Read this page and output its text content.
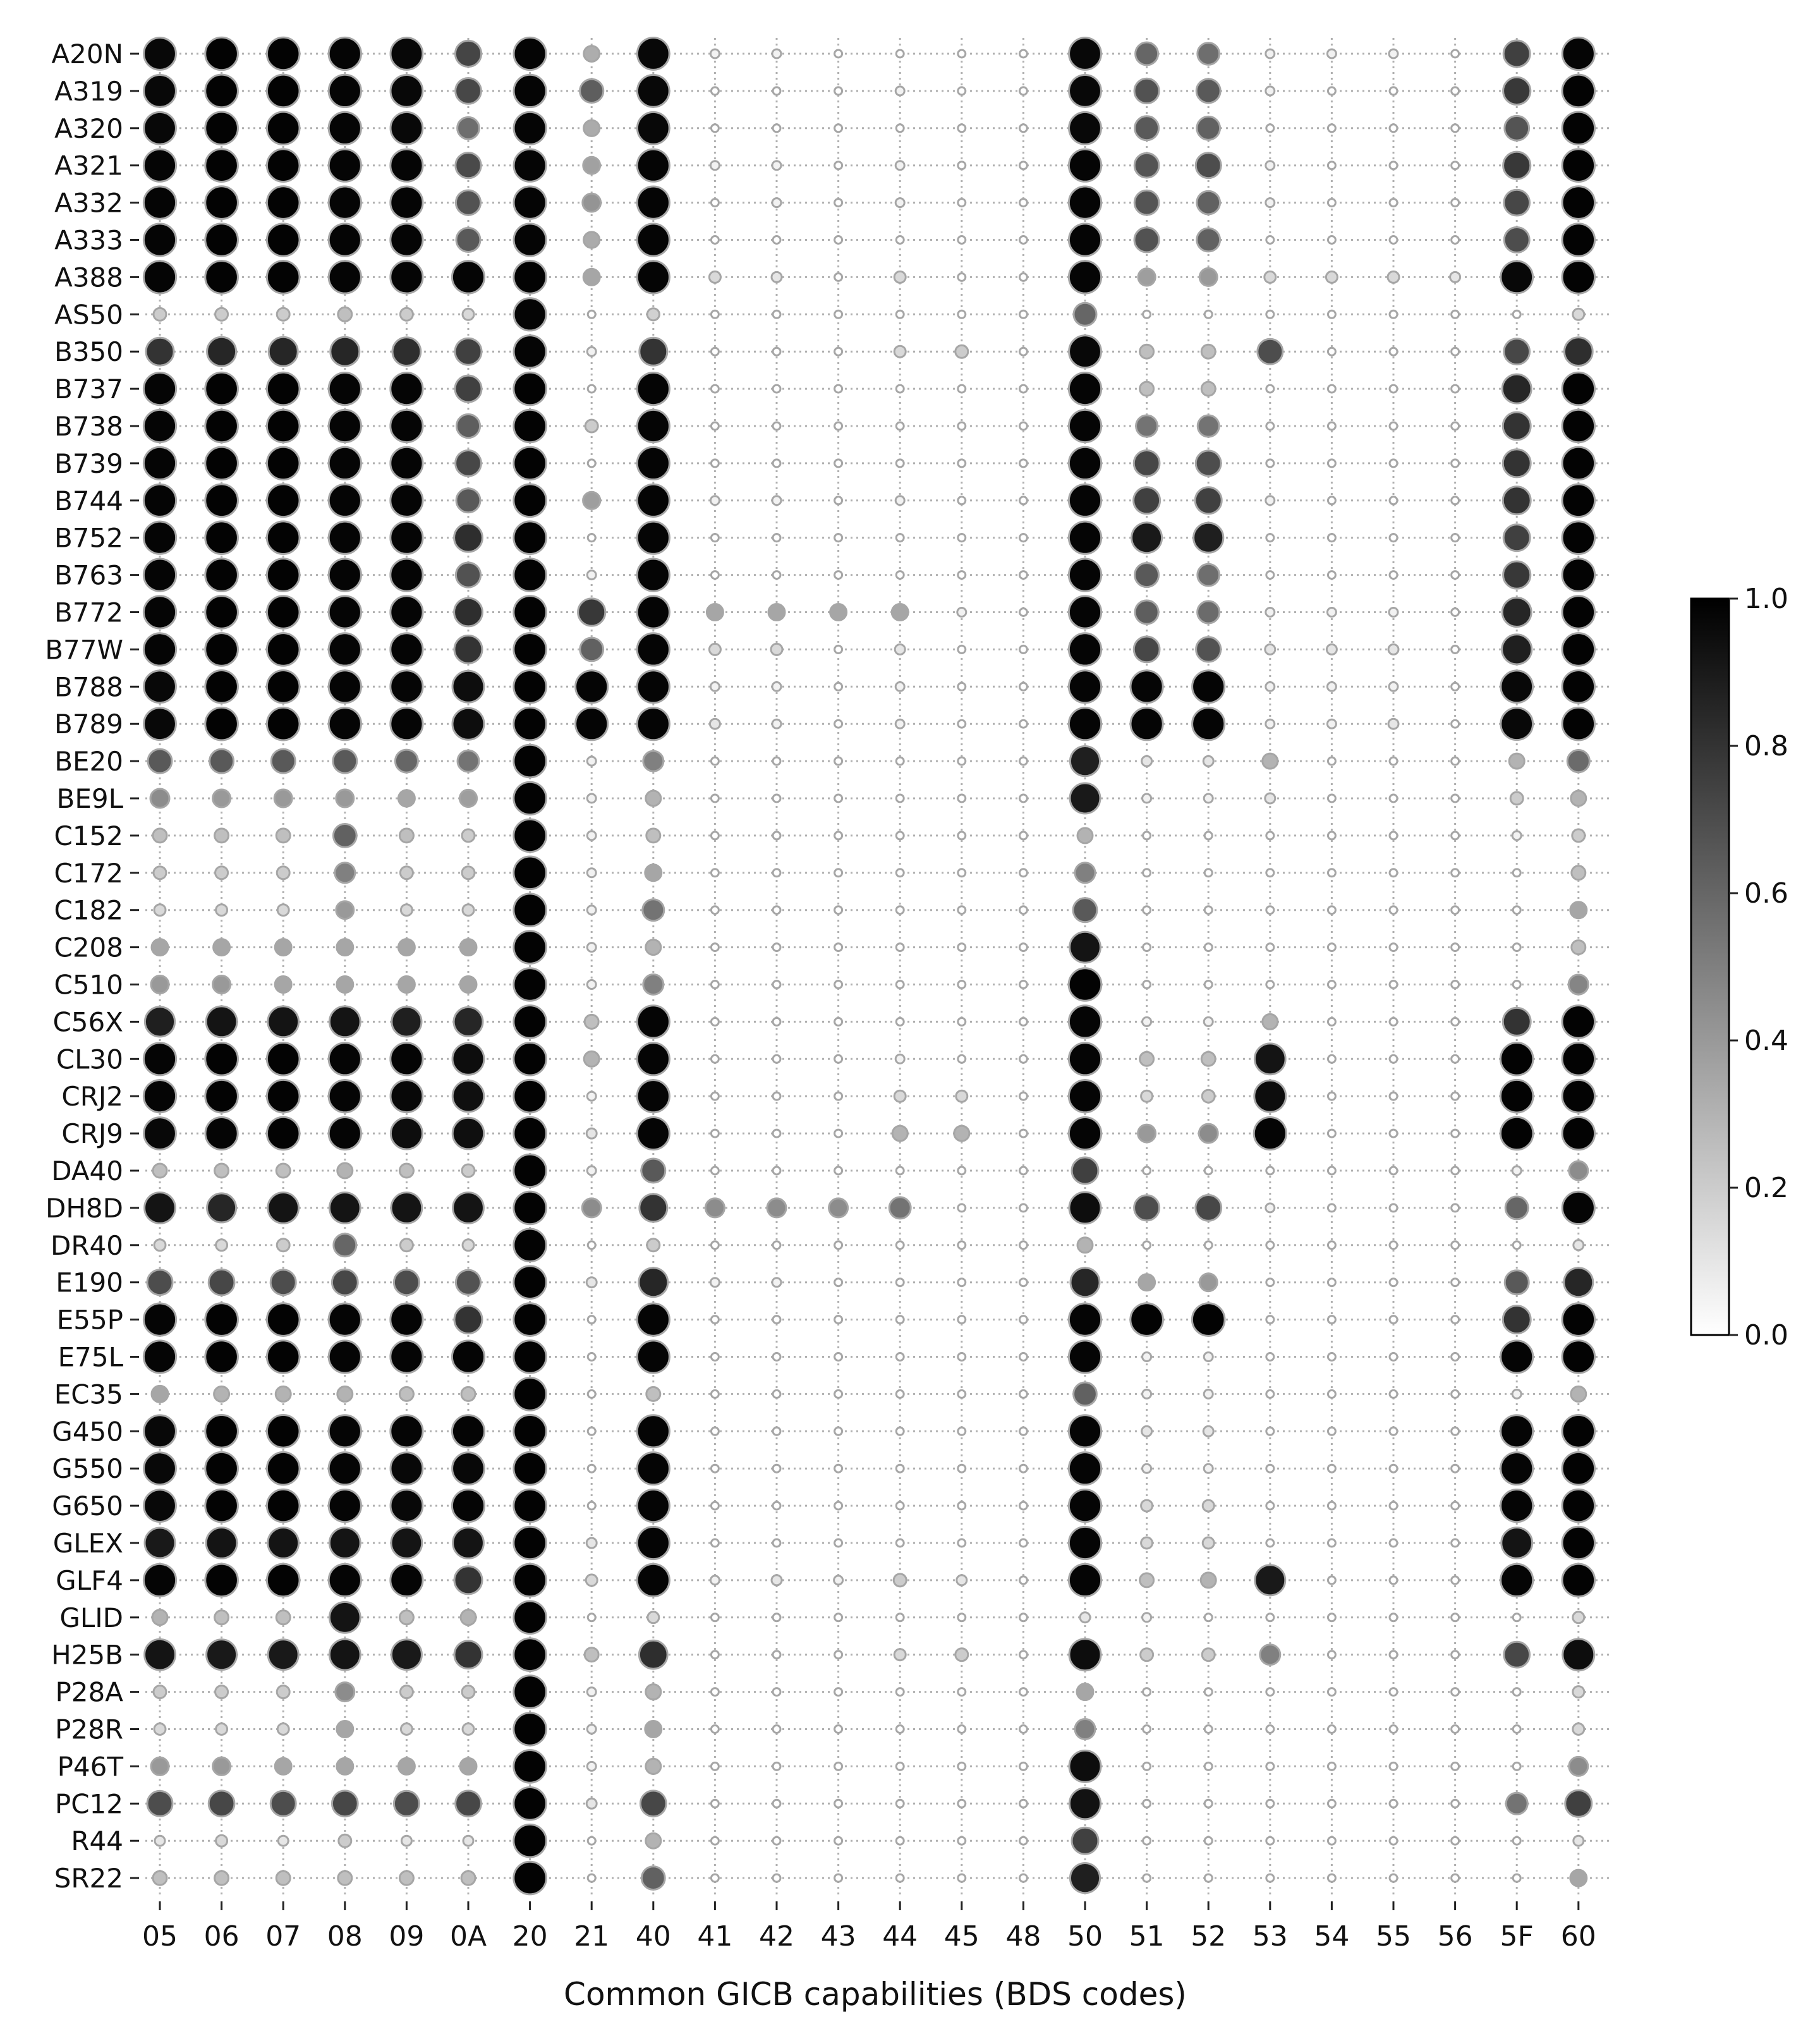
A20N
A319
A320
A321
A332
A333
A388
AS50
B350
B737
B738
B739
B744
B752
B763
B772
B77W
B788
B789
BE20
BE9L
C152
C172
C182
C208
C510
C56X
CL30
CRJ2
CRJ9
DA40
DH8D
DR40
E190
E55P
E75L
EC35
G450
G550
G650
GLEX
GLF4
GLID
H25B
P28A
P28R
P46T
PC12
R44
SR22
05 06 07 08 09 0A 20 21 40 41 42 43 44 45 48 50 51 52 53 54 55 56 5F 60
Common GICB capabilities (BDS codes)
0.0
0.2
0.4
0.6
0.8
1.0
